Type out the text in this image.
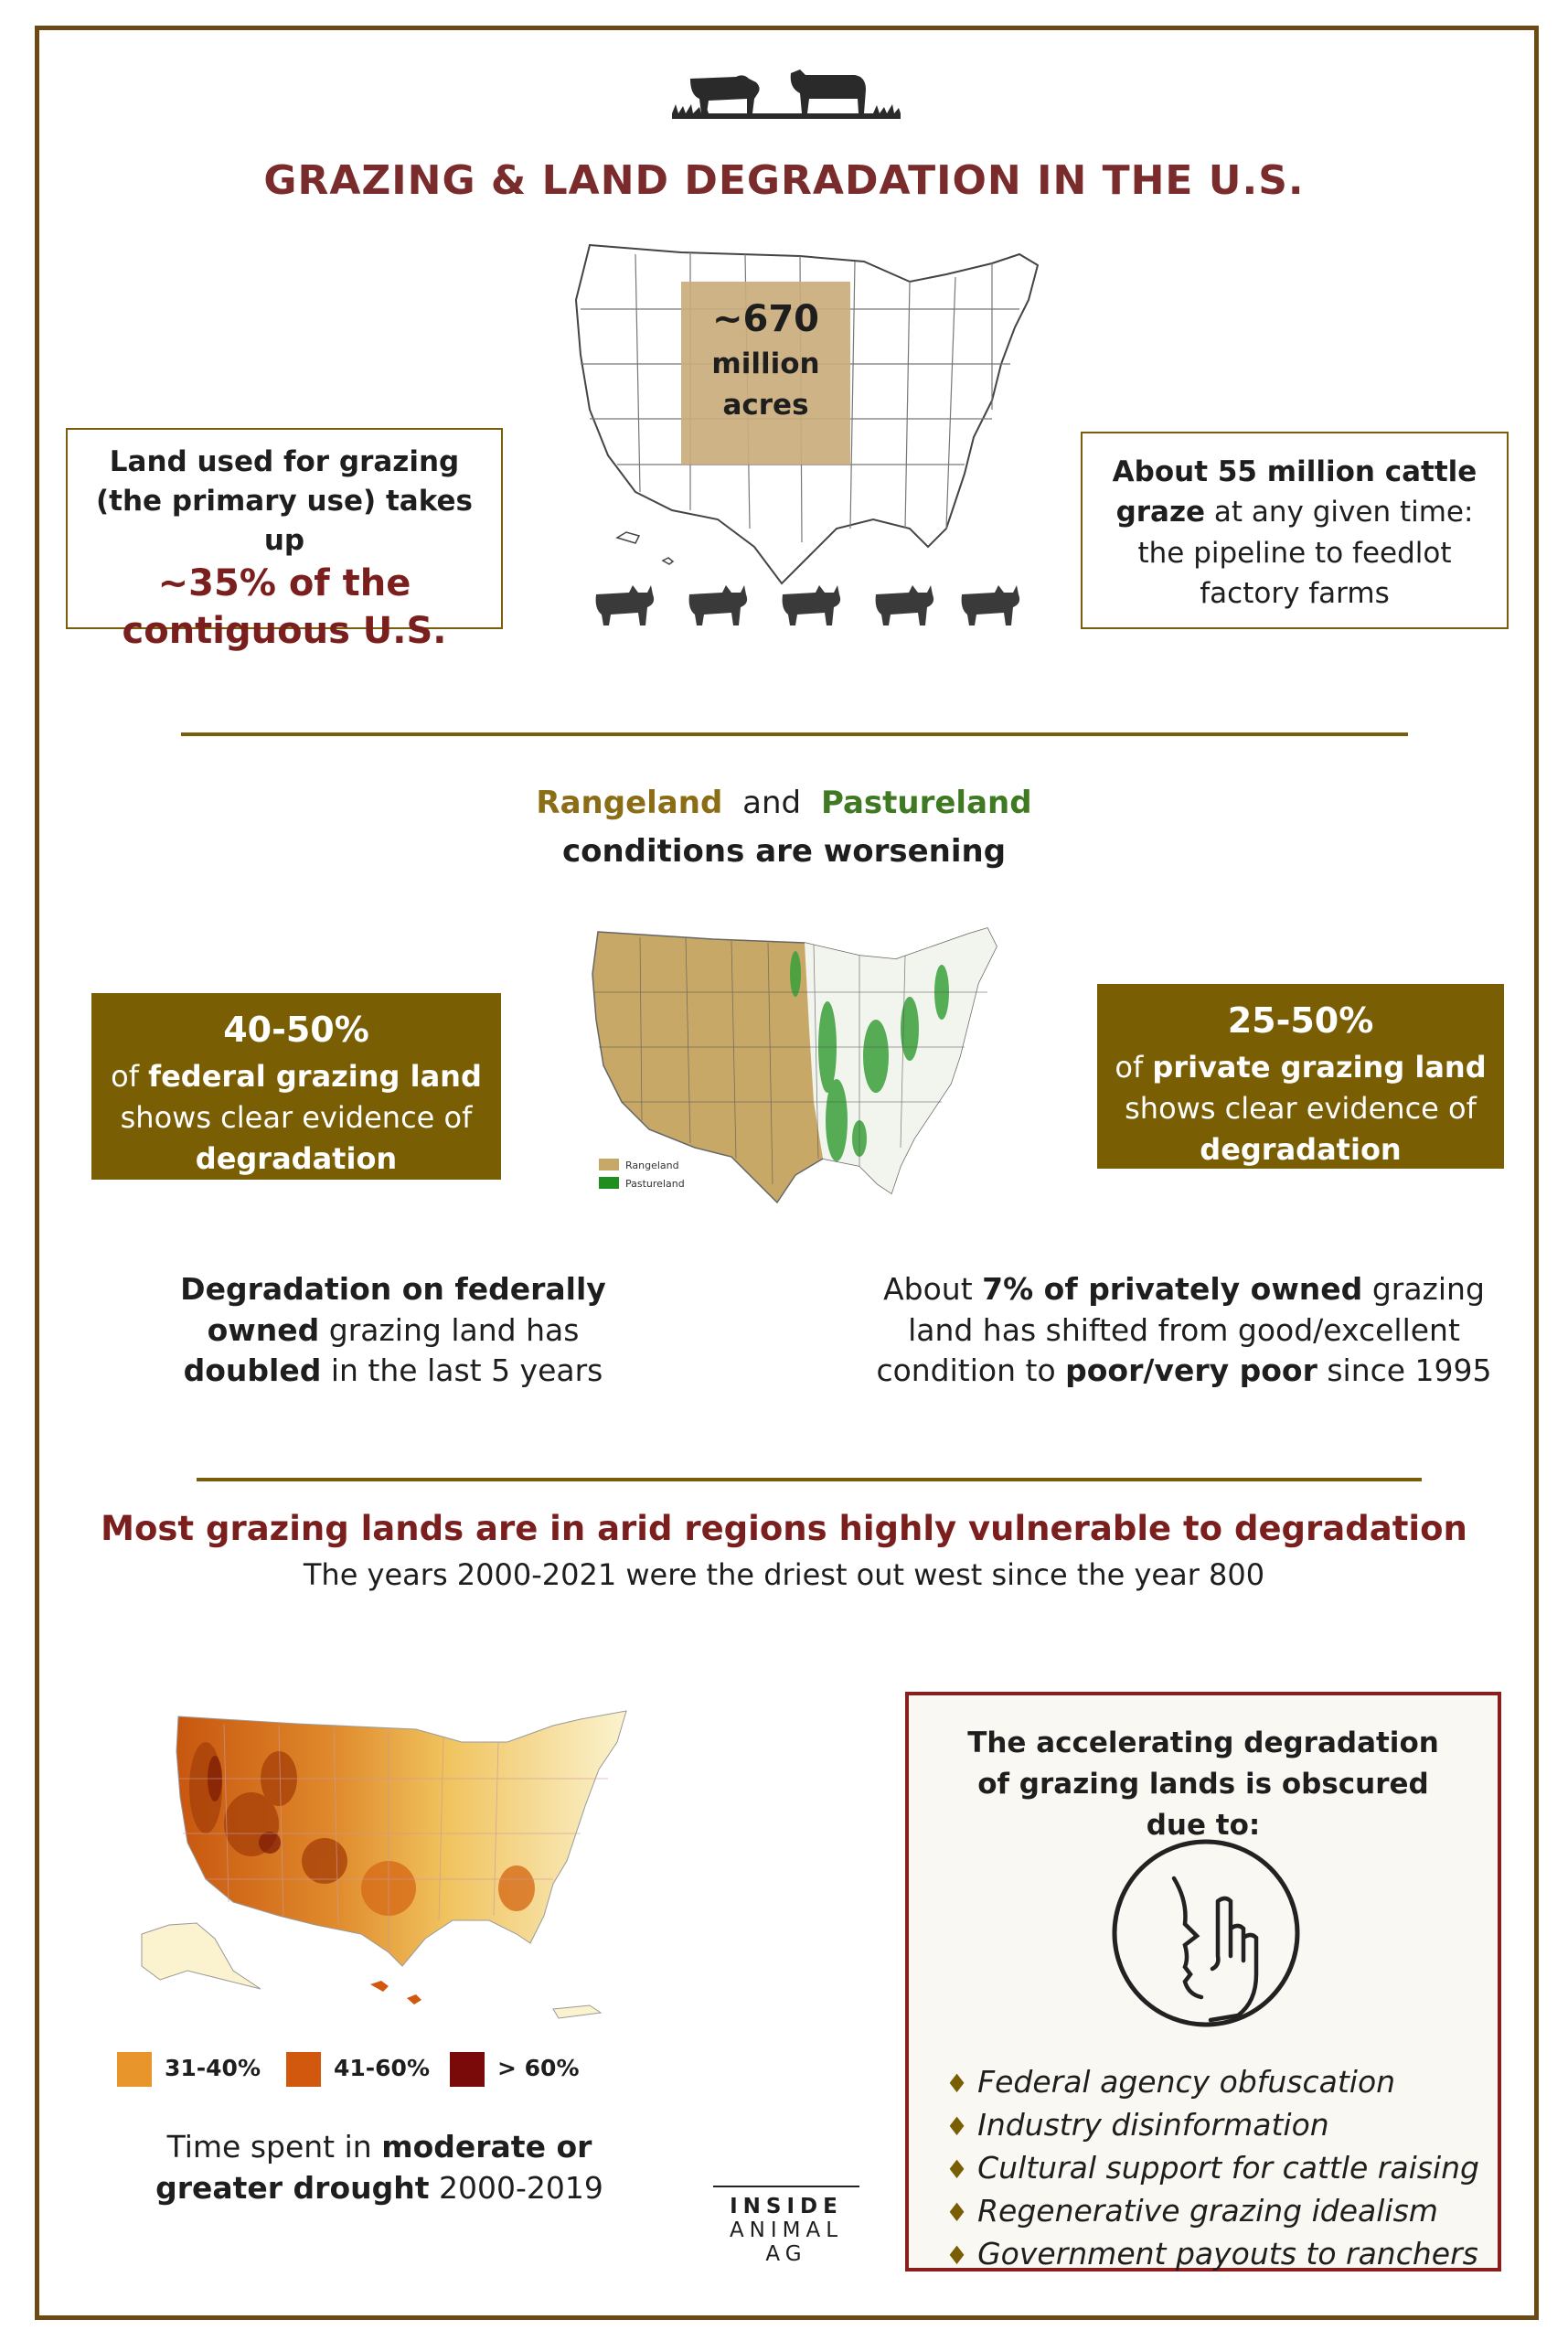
GRAZING & LAND DEGRADATION IN THE U.S.
~670
million acres
Land used for grazing (the primary use) takes up
~35% of the contiguous U.S.
About 55 million cattle graze at any given time: the pipeline to feedlot factory farms
Rangeland and Pastureland
conditions are worsening
Rangeland
Pastureland
40-50%
of federal grazing land
shows clear evidence of
degradation
25-50%
of private grazing land
shows clear evidence of
degradation
Degradation on federally owned grazing land has doubled in the last 5 years
About 7% of privately owned grazing land has shifted from good/excellent condition to poor/very poor since 1995
Most grazing lands are in arid regions highly vulnerable to degradation
The years 2000-2021 were the driest out west since the year 800
31-40%	41-60%	> 60%
Time spent in moderate or greater drought 2000-2019
The accelerating degradation of grazing lands is obscured due to:
♦ Federal agency obfuscation
♦ Industry disinformation
♦ Cultural support for cattle raising
♦ Regenerative grazing idealism
♦ Government payouts to ranchers
INSIDE
ANIMAL
AG
